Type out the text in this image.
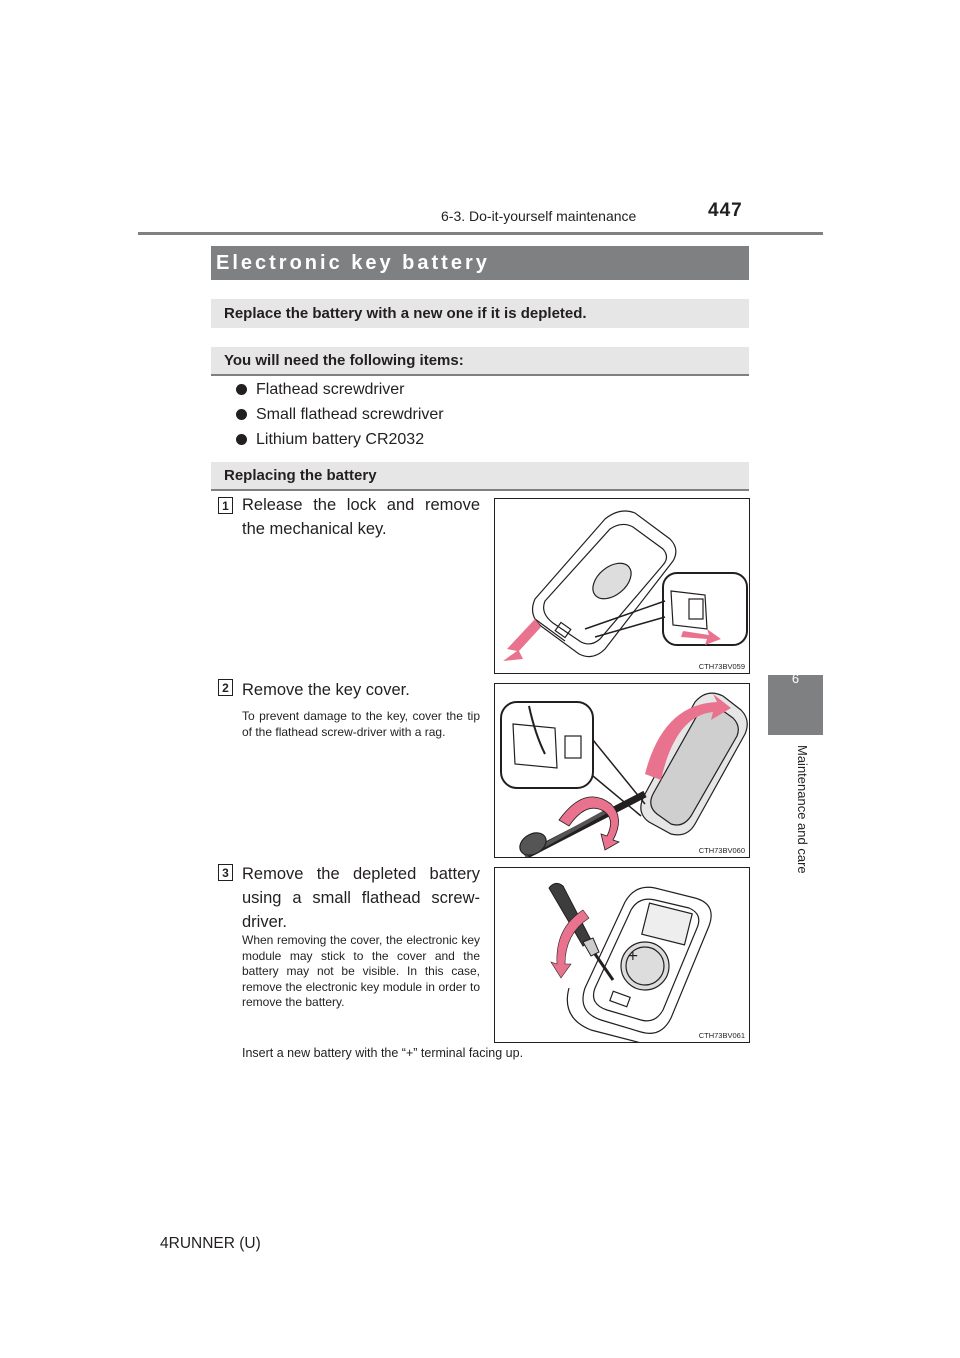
6-3. Do-it-yourself maintenance	447
6
Maintenance and care
Electronic key battery
Replace the battery with a new one if it is depleted.
You will need the following items:
Flathead screwdriver
Small flathead screwdriver
Lithium battery CR2032
Replacing the battery
1 Release the lock and remove the mechanical key.
CTH73BV059
2 Remove the key cover.
To prevent damage to the key, cover the tip of the flathead screw-driver with a rag.
CTH73BV060
3 Remove the depleted battery using a small flathead screw-driver.
When removing the cover, the electronic key module may stick to the cover and the battery may not be visible. In this case, remove the electronic key module in order to remove the battery.
+
CTH73BV061
Insert a new battery with the “+” terminal facing up.
4RUNNER (U)
